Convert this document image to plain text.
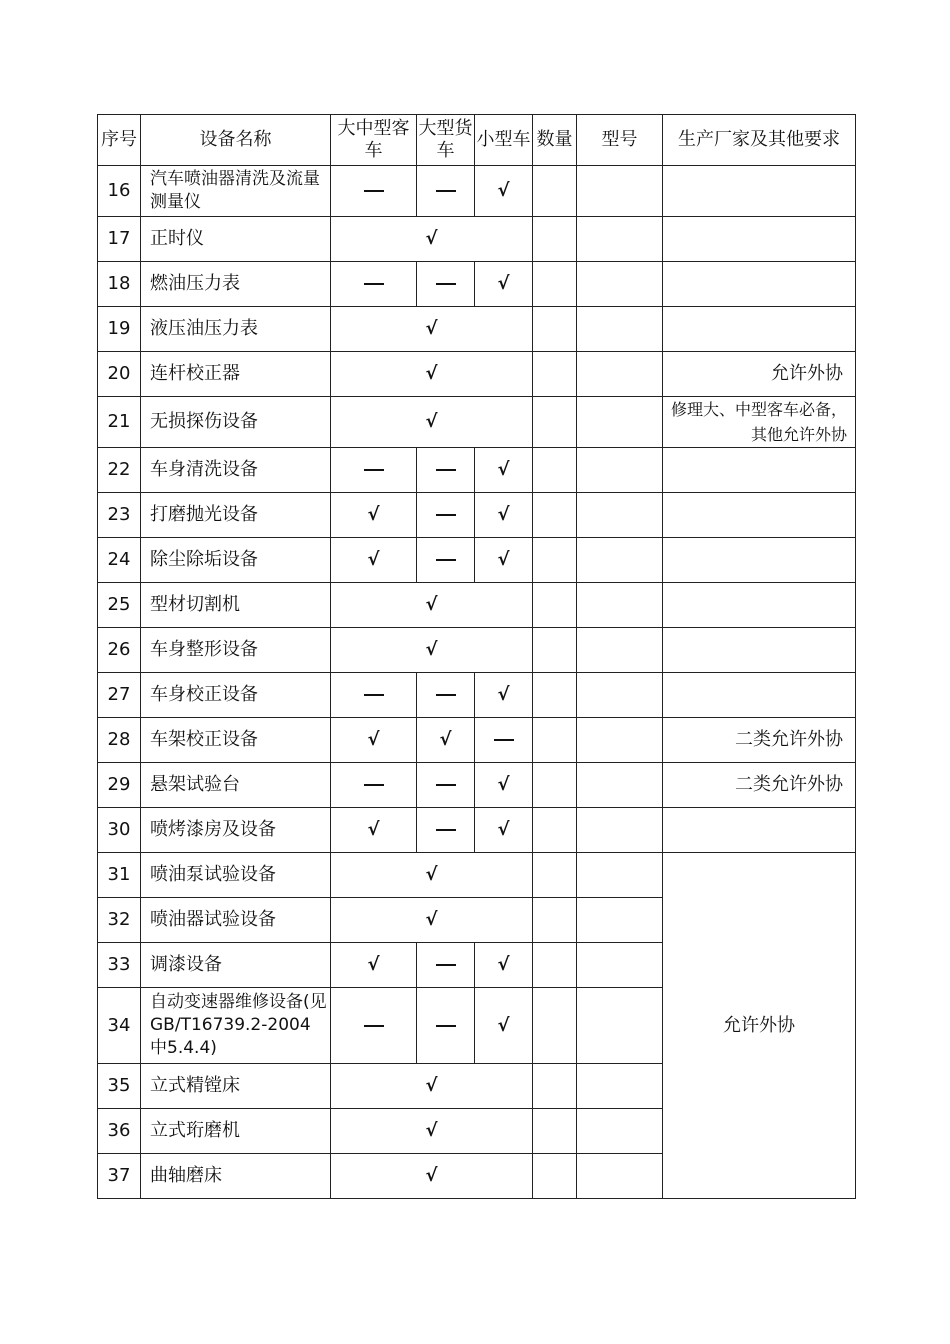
序号	设备名称	大中型客车	大型货车	小型车	数量	型号	生产厂家及其他要求
16	汽车喷油器清洗及流量测量仪			√			
17	正时仪	√					
18	燃油压力表			√			
19	液压油压力表	√					
20	连杆校正器	√					允许外协
21	无损探伤设备	√					修理大、中型客车必备，其他允许外协
22	车身清洗设备			√			
23	打磨抛光设备	√		√			
24	除尘除垢设备	√		√			
25	型材切割机	√					
26	车身整形设备	√					
27	车身校正设备			√			
28	车架校正设备	√	√				二类允许外协
29	悬架试验台			√			二类允许外协
30	喷烤漆房及设备	√		√			
31	喷油泵试验设备	√					允许外协
32	喷油器试验设备	√					
33	调漆设备	√		√			
34	自动变速器维修设备(见GB/T16739.2-2004 中5.4.4)			√			
35	立式精镗床	√					
36	立式珩磨机	√					
37	曲轴磨床	√					
